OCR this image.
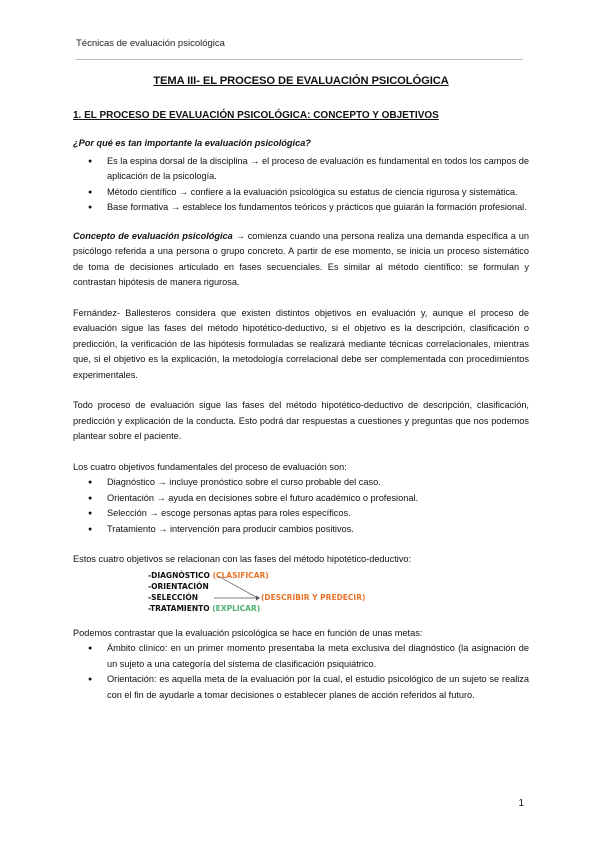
Técnicas de evaluación psicológica
TEMA III- EL PROCESO DE EVALUACIÓN PSICOLÓGICA
1. EL PROCESO DE EVALUACIÓN PSICOLÓGICA: CONCEPTO Y OBJETIVOS

¿Por qué es tan importante la evaluación psicológica?

● Es la espina dorsal de la disciplina → el proceso de evaluación es fundamental en todos los campos de aplicación de la psicología.
● Método científico → confiere a la evaluación psicológica su estatus de ciencia rigurosa y sistemática.
● Base formativa → establece los fundamentos teóricos y prácticos que guiarán la formación profesional.

Concepto de evaluación psicológica → comienza cuando una persona realiza una demanda específica a un psicólogo referida a una persona o grupo concreto. A partir de ese momento, se inicia un proceso sistemático de toma de decisiones articulado en fases secuenciales. Es similar al método científico: se formulan y contrastan hipótesis de manera rigurosa.

Fernández- Ballesteros considera que existen distintos objetivos en evaluación y, aunque el proceso de evaluación sigue las fases del método hipotético-deductivo, si el objetivo es la descripción, clasificación o predicción, la verificación de las hipótesis formuladas se realizará mediante técnicas correlacionales, mientras que, si el objetivo es la explicación, la metodología correlacional debe ser complementada con procedimientos experimentales.

Todo proceso de evaluación sigue las fases del método hipotético-deductivo de descripción, clasificación, predicción y explicación de la conducta. Esto podrá dar respuestas a cuestiones y preguntas que nos podemos plantear sobre el paciente.

Los cuatro objetivos fundamentales del proceso de evaluación son:

● Diagnóstico → incluye pronóstico sobre el curso probable del caso.
● Orientación → ayuda en decisiones sobre el futuro académico o profesional.
● Selección → escoge personas aptas para roles específicos.
● Tratamiento → intervención para producir cambios positivos.

Estos cuatro objetivos se relacionan con las fases del método hipotético-deductivo:

-DIAGNÓSTICO (CLASIFICAR)
-ORIENTACIÓN
-SELECCIÓN	(DESCRIBIR Y PREDECIR)
-TRATAMIENTO (EXPLICAR)

Podemos contrastar que la evaluación psicológica se hace en función de unas metas:

● Ámbito clínico: en un primer momento presentaba la meta exclusiva del diagnóstico (la asignación de un sujeto a una categoría del sistema de clasificación psiquiátrico.
● Orientación: es aquella meta de la evaluación por la cual, el estudio psicológico de un sujeto se realiza con el fin de ayudarle a tomar decisiones o establecer planes de acción referidos al futuro.
1
